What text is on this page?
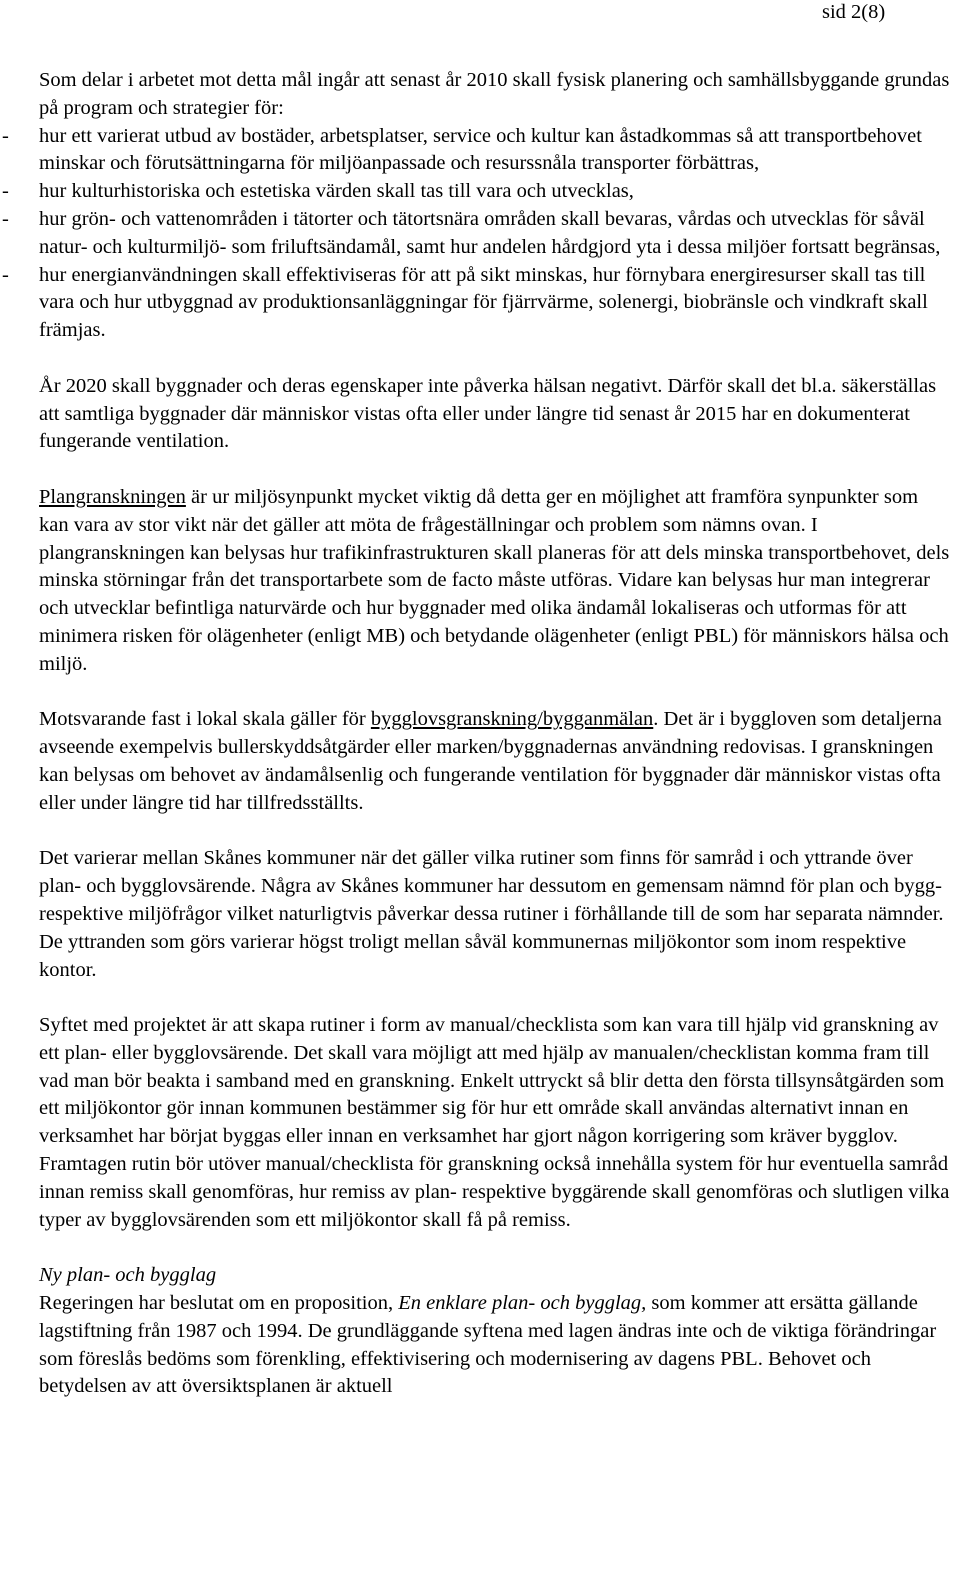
sid 2(8)

Som delar i arbetet mot detta mål ingår att senast år 2010 skall fysisk planering och samhällsbyggande grundas på program och strategier för:

- hur ett varierat utbud av bostäder, arbetsplatser, service och kultur kan åstadkommas så att transportbehovet minskar och förutsättningarna för miljöanpassade och resurssnåla transporter förbättras,

- hur kulturhistoriska och estetiska värden skall tas till vara och utvecklas,

- hur grön- och vattenområden i tätorter och tätortsnära områden skall bevaras, vårdas och utvecklas för såväl natur- och kulturmiljö- som friluftsändamål, samt hur andelen hårdgjord yta i dessa miljöer fortsatt begränsas,

- hur energianvändningen skall effektiviseras för att på sikt minskas, hur förnybara energiresurser skall tas till vara och hur utbyggnad av produktionsanläggningar för fjärrvärme, solenergi, biobränsle och vindkraft skall främjas.

År 2020 skall byggnader och deras egenskaper inte påverka hälsan negativt. Därför skall det bl.a. säkerställas att samtliga byggnader där människor vistas ofta eller under längre tid senast år 2015 har en dokumenterat fungerande ventilation.

Plangranskningen är ur miljösynpunkt mycket viktig då detta ger en möjlighet att framföra synpunkter som kan vara av stor vikt när det gäller att möta de frågeställningar och problem som nämns ovan. I plangranskningen kan belysas hur trafikinfrastrukturen skall planeras för att dels minska transportbehovet, dels minska störningar från det transportarbete som de facto måste utföras. Vidare kan belysas hur man integrerar och utvecklar befintliga naturvärde och hur byggnader med olika ändamål lokaliseras och utformas för att minimera risken för olägenheter (enligt MB) och betydande olägenheter (enligt PBL) för människors hälsa och miljö.

Motsvarande fast i lokal skala gäller för bygglovsgranskning/bygganmälan. Det är i byggloven som detaljerna avseende exempelvis bullerskyddsåtgärder eller marken/byggnadernas användning redovisas. I granskningen kan belysas om behovet av ändamålsenlig och fungerande ventilation för byggnader där människor vistas ofta eller under längre tid har tillfredsställts.

Det varierar mellan Skånes kommuner när det gäller vilka rutiner som finns för samråd i och yttrande över plan- och bygglovsärende. Några av Skånes kommuner har dessutom en gemensam nämnd för plan och bygg- respektive miljöfrågor vilket naturligtvis påverkar dessa rutiner i förhållande till de som har separata nämnder. De yttranden som görs varierar högst troligt mellan såväl kommunernas miljökontor som inom respektive kontor.

Syftet med projektet är att skapa rutiner i form av manual/checklista som kan vara till hjälp vid granskning av ett plan- eller bygglovsärende. Det skall vara möjligt att med hjälp av manualen/checklistan komma fram till vad man bör beakta i samband med en granskning. Enkelt uttryckt så blir detta den första tillsynsåtgärden som ett miljökontor gör innan kommunen bestämmer sig för hur ett område skall användas alternativt innan en verksamhet har börjat byggas eller innan en verksamhet har gjort någon korrigering som kräver bygglov. Framtagen rutin bör utöver manual/checklista för granskning också innehålla system för hur eventuella samråd innan remiss skall genomföras, hur remiss av plan- respektive byggärende skall genomföras och slutligen vilka typer av bygglovsärenden som ett miljökontor skall få på remiss.

Ny plan- och bygglag

Regeringen har beslutat om en proposition, En enklare plan- och bygglag, som kommer att ersätta gällande lagstiftning från 1987 och 1994. De grundläggande syftena med lagen ändras inte och de viktiga förändringar som föreslås bedöms som förenkling, effektivisering och modernisering av dagens PBL. Behovet och betydelsen av att översiktsplanen är aktuell
